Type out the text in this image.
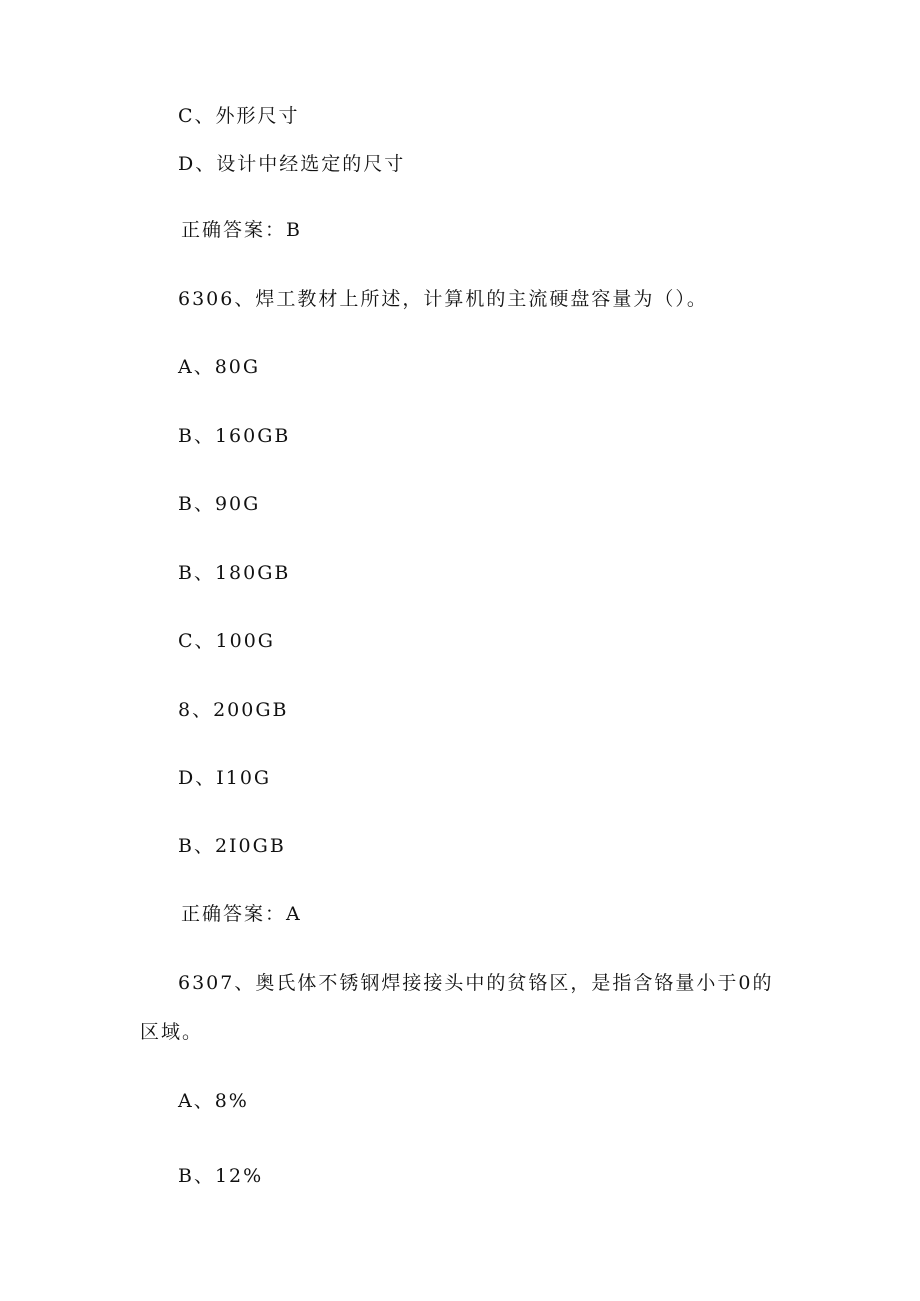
C、外形尺寸
D、设计中经选定的尺寸
正确答案：B
6306、焊工教材上所述，计算机的主流硬盘容量为（）。
A、80G
B、160GB
B、90G
B、180GB
C、100G
8、200GB
D、I10G
B、2I0GB
正确答案：A
6307、奥氏体不锈钢焊接接头中的贫铬区，是指含铬量小于0的
区域。
A、8%
B、12%
